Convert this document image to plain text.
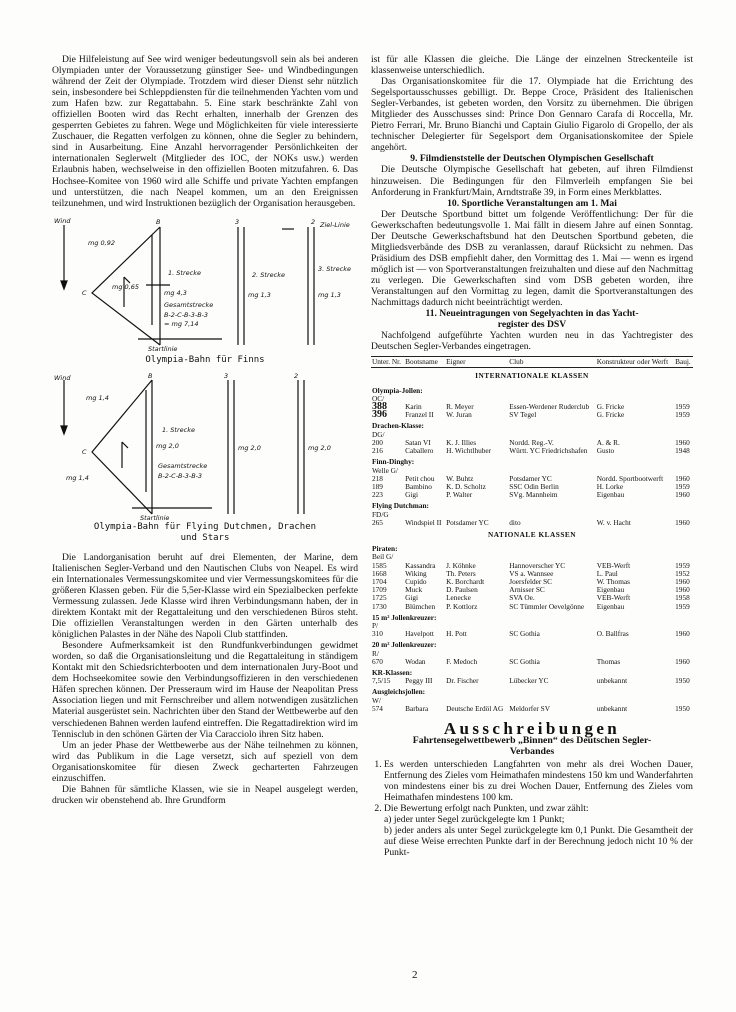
Die Hilfeleistung auf See wird weniger bedeutungsvoll sein als bei anderen Olympiaden unter der Voraussetzung günstiger See- und Windbedingungen während der Zeit der Olympiade. Trotzdem wird dieser Dienst sehr nützlich sein, insbesondere bei Schleppdiensten für die teilnehmenden Yachten vom und zum Hafen bzw. zur Regattabahn. 5. Eine stark beschränkte Zahl von offiziellen Booten wird das Recht erhalten, innerhalb der Grenzen des gesperrten Gebietes zu fahren. Wege und Möglichkeiten für viele interessierte Zuschauer, die Regatten verfolgen zu können, ohne die Segler zu behindern, sind in Ausarbeitung. Eine Anzahl hervorragender Persönlichkeiten der internationalen Seglerwelt (Mitglieder des IOC, der NOKs usw.) werden Erlaubnis haben, wechselweise in den offiziellen Booten mitzufahren. 6. Das Hochsee-Komitee von 1960 wird alle Schiffe und private Yachten empfangen und unterstützen, die nach Neapel kommen, um an den Ereignissen teilzunehmen, und wird Instruktionen bezüglich der Organisation herausgeben.

Wind	B	3	2
C
Ziel-Linie
1. Strecke	2. Strecke
3. Strecke
Gesamtstrecke
B-2-C-B-3-B-3
= mg 7,14
Startlinie
mg 0,92
mg 0,65
mg 4,3	mg 1,3	mg 1,3
Olympia-Bahn für Finns
Wind	B	3	2
C
1. Strecke
Gesamtstrecke
B-2-C-B-3-B-3
Startlinie
mg 1,4
mg 1,4
mg 2,0	mg 2,0	mg 2,0
Olympia-Bahn für Flying Dutchmen, Drachen
und Stars

Die Landorganisation beruht auf drei Elementen, der Marine, dem Italienischen Segler-Verband und den Nautischen Clubs von Neapel. Es wird ein Internationales Vermessungskomitee und vier Vermessungskomitees für die größeren Klassen geben. Für die 5,5er-Klasse wird ein Spezialbecken perfekte Vermessung zulassen. Jede Klasse wird ihren Verbindungsmann haben, der in direktem Kontakt mit der Regattaleitung und den verschiedenen Büros steht. Die offiziellen Veranstaltungen werden in den Gärten unterhalb des königlichen Palastes in der Nähe des Napoli Club stattfinden.

Besondere Aufmerksamkeit ist den Rundfunkverbindungen gewidmet worden, so daß die Organisationsleitung und die Regattaleitung in ständigem Kontakt mit den Schiedsrichterbooten und dem internationalen Jury-Boot und dem Hochseekomitee sowie den Verbindungsoffizieren in den verschiedenen Häfen sprechen können. Der Presseraum wird im Hause der Neapolitan Press Association liegen und mit Fernschreiber und allem notwendigen zusätzlichen Material ausgerüstet sein. Nachrichten über den Stand der Wettbewerbe auf den verschiedenen Bahnen werden laufend eintreffen. Die Regattadirektion wird im Tennisclub in den schönen Gärten der Via Caracciolo ihren Sitz haben.

Um an jeder Phase der Wettbewerbe aus der Nähe teilnehmen zu können, wird das Publikum in die Lage versetzt, sich auf speziell von dem Organisationskomitee für diesen Zweck gecharterten Fahrzeugen einzuschiffen.

Die Bahnen für sämtliche Klassen, wie sie in Neapel ausgelegt werden, drucken wir obenstehend ab. Ihre Grundform

ist für alle Klassen die gleiche. Die Länge der einzelnen Streckenteile ist klassenweise unterschiedlich.

Das Organisationskomitee für die 17. Olympiade hat die Errichtung des Segelsportausschusses gebilligt. Dr. Beppe Croce, Präsident des Italienischen Segler-Verbandes, ist gebeten worden, den Vorsitz zu übernehmen. Die übrigen Mitglieder des Ausschusses sind: Prince Don Gennaro Carafa di Roccella, Mr. Pietro Ferrari, Mr. Bruno Bianchi und Captain Giulio Figarolo di Gropello, der als technischer Delegierter für Segelsport dem Organisationskomitee der Spiele angehört.

9. Filmdienststelle der Deutschen Olympischen Gesellschaft

Die Deutsche Olympische Gesellschaft hat gebeten, auf ihren Filmdienst hinzuweisen. Die Bedingungen für den Filmverleih empfangen Sie bei Anforderung in Frankfurt/Main, Arndtstraße 39, in Form eines Merkblattes.

10. Sportliche Veranstaltungen am 1. Mai

Der Deutsche Sportbund bittet um folgende Veröffentlichung: Der für die Gewerkschaften bedeutungsvolle 1. Mai fällt in diesem Jahre auf einen Sonntag. Der Deutsche Gewerkschaftsbund hat den Deutschen Sportbund gebeten, die Mitgliedsverbände des DSB zu veranlassen, darauf Rücksicht zu nehmen. Das Präsidium des DSB empfiehlt daher, den Vormittag des 1. Mai — wenn es irgend möglich ist — von Sportveranstaltungen freizuhalten und diese auf den Nachmittag zu verlegen. Die Gewerkschaften sind vom DSB gebeten worden, ihre Veranstaltungen auf den Vormittag zu legen, damit die Sportveranstaltungen des Nachmittags dadurch nicht beeinträchtigt werden.

11. Neueintragungen von Segelyachten in das Yacht-

register des DSV

Nachfolgend aufgeführte Yachten wurden neu in das Yachtregister des Deutschen Segler-Verbandes eingetragen.

Unter. Nr.	Bootsname	Eigner	Club	Konstrukteur oder Werft	Bauj.
INTERNATIONALE KLASSEN					
Olympia-Jollen:					
OC/					
388	Karin	R. Meyer	Essen-Werdener Ruderclub	G. Fricke	1959
396	Franzel II	W. Juran	SV Tegel	G. Fricke	1959
Drachen-Klasse:					
DG/					
200	Satan VI	K. J. Illies	Nordd. Reg.-V.	A. & R.	1960
216	Caballero	H. Wichtlhuber	Württ. YC Friedrichshafen	Gusto	1948
Finn-Dinghy:					
Welle G/					
218	Petit chou	W. Buhtz	Potsdamer YC	Nordd. Sportbootwerft	1960
189	Bambino	K. D. Scholtz	SSC Odin Berlin	H. Lorke	1959
223	Gigi	P. Walter	SVg. Mannheim	Eigenbau	1960
Flying Dutchman:					
FD/G					
265	Windspiel II	Potsdamer YC	dito	W. v. Hacht	1960
NATIONALE KLASSEN					
Piraten:					
Beil G/					
1585	Kassandra	J. Köhnke	Hannoverscher YC	VEB-Werft	1959
1668	Wiking	Th. Peters	VS a. Wannsee	L. Paul	1952
1704	Cupido	K. Borchardt	Joersfelder SC	W. Thomas	1960
1709	Muck	D. Paulsen	Arnisser SC	Eigenbau	1960
1725	Gigi	Lenecke	SVA Oe.	VEB-Werft	1958
1730	Blümchen	P. Kottlorz	SC Tümmler Oevelgönne	Eigenbau	1959
15 m² Jollenkreuzer:					
P/					
310	Havelpott	H. Pott	SC Gothia	O. Ballfras	1960
20 m² Jollenkreuzer:					
R/					
670	Wodan	F. Medoch	SC Gothia	Thomas	1960
KR-Klassen:					
7,5/15	Peggy III	Dr. Fischer	Lübecker YC	unbekannt	1950
Ausgleichsjollen:					
W/					
574	Barbara	Deutsche Erdöl AG	Meldorfer SV	unbekannt	1950
Ausschreibungen
Fahrtensegelwettbewerb „Binnen“ des Deutschen Segler-
Verbandes
1. Es werden unterschieden Langfahrten von mehr als drei Wochen Dauer, Entfernung des Zieles vom Heimathafen mindestens 150 km und Wanderfahrten von mindestens einer bis zu drei Wochen Dauer, Entfernung des Zieles vom Heimathafen mindestens 100 km.
2. Die Bewertung erfolgt nach Punkten, und zwar zählt:
a) jeder unter Segel zurückgelegte km 1 Punkt;
b) jeder anders als unter Segel zurückgelegte km 0,1 Punkt. Die Gesamtheit der auf diese Weise errechten Punkte darf in der Berechnung jedoch nicht 10 % der Punkt-
2
